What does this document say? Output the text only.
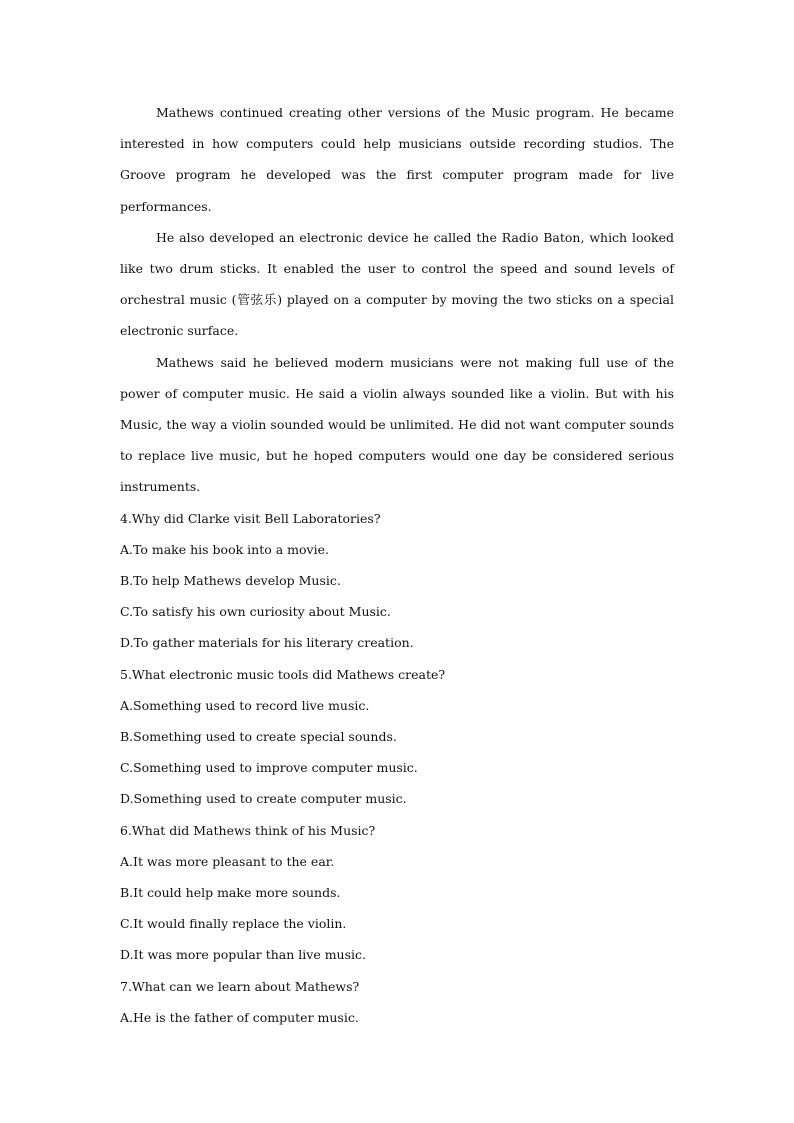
Mathews continued creating other versions of the Music program. He became interested in how computers could help musicians outside recording studios. The Groove program he developed was the first computer program made for live performances.

He also developed an electronic device he called the Radio Baton, which looked like two drum sticks. It enabled the user to control the speed and sound levels of orchestral music (管弦乐) played on a computer by moving the two sticks on a special electronic surface.

Mathews said he believed modern musicians were not making full use of the power of computer music. He said a violin always sounded like a violin. But with his Music, the way a violin sounded would be unlimited. He did not want computer sounds to replace live music, but he hoped computers would one day be considered serious instruments.

4.Why did Clarke visit Bell Laboratories?

A.To make his book into a movie.

B.To help Mathews develop Music.

C.To satisfy his own curiosity about Music.

D.To gather materials for his literary creation.

5.What electronic music tools did Mathews create?

A.Something used to record live music.

B.Something used to create special sounds.

C.Something used to improve computer music.

D.Something used to create computer music.

6.What did Mathews think of his Music?

A.It was more pleasant to the ear.

B.It could help make more sounds.

C.It would finally replace the violin.

D.It was more popular than live music.

7.What can we learn about Mathews?

A.He is the father of computer music.
